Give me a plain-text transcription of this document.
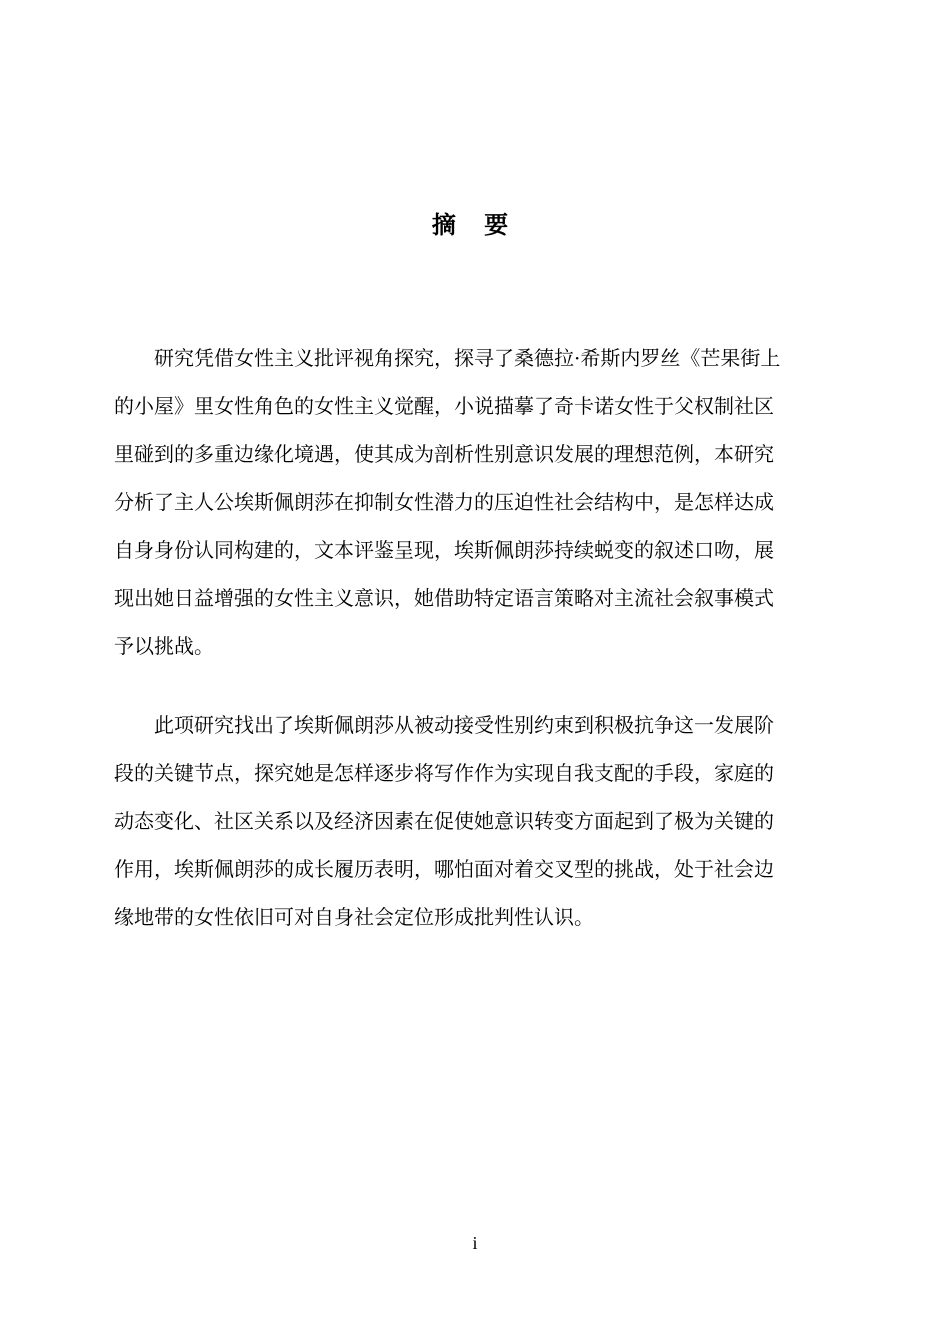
摘 要
研究凭借女性主义批评视角探究，探寻了桑德拉·希斯内罗丝《芒果街上
的小屋》里女性角色的女性主义觉醒，小说描摹了奇卡诺女性于父权制社区
里碰到的多重边缘化境遇，使其成为剖析性别意识发展的理想范例，本研究
分析了主人公埃斯佩朗莎在抑制女性潜力的压迫性社会结构中，是怎样达成
自身身份认同构建的，文本评鉴呈现，埃斯佩朗莎持续蜕变的叙述口吻，展
现出她日益增强的女性主义意识，她借助特定语言策略对主流社会叙事模式
予以挑战。
此项研究找出了埃斯佩朗莎从被动接受性别约束到积极抗争这一发展阶
段的关键节点，探究她是怎样逐步将写作作为实现自我支配的手段，家庭的
动态变化、社区关系以及经济因素在促使她意识转变方面起到了极为关键的
作用，埃斯佩朗莎的成长履历表明，哪怕面对着交叉型的挑战，处于社会边
缘地带的女性依旧可对自身社会定位形成批判性认识。
i
